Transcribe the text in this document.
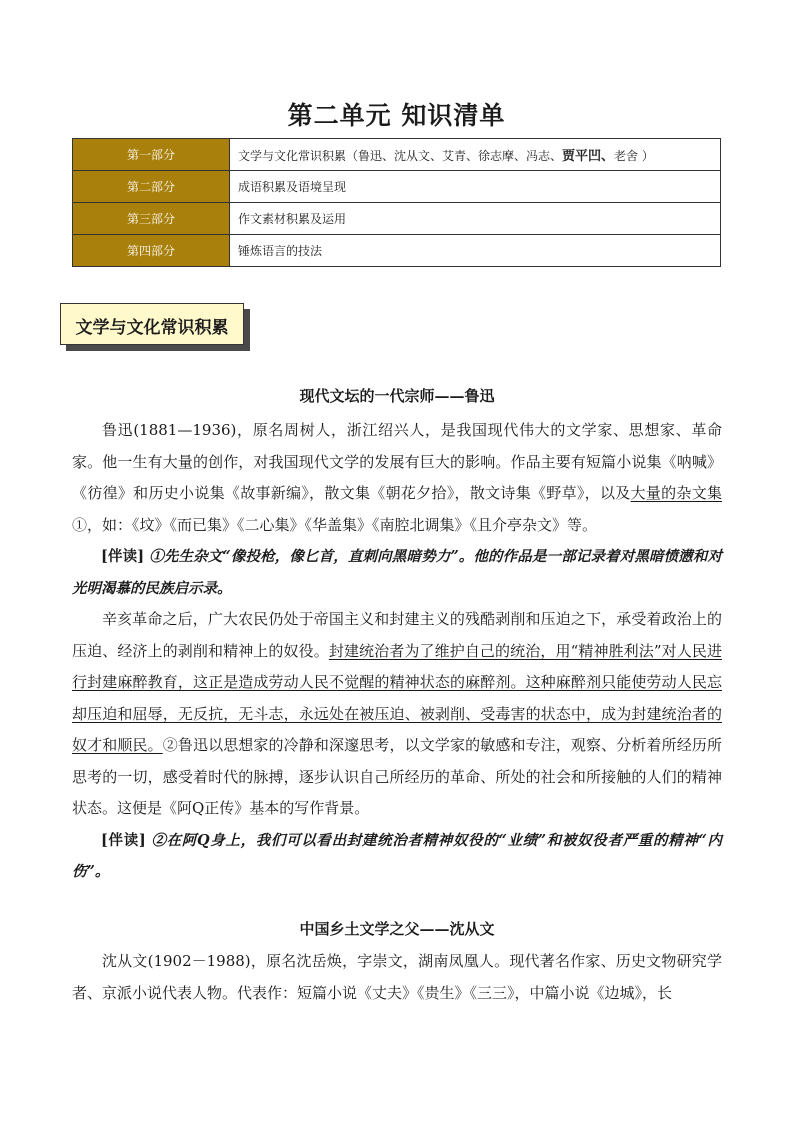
第二单元 知识清单
第一部分	文学与文化常识积累（鲁迅、沈从文、艾青、徐志摩、冯志、贾平凹、老舍 ）
第二部分	成语积累及语境呈现
第三部分	作文素材积累及运用
第四部分	锤炼语言的技法
文学与文化常识积累
现代文坛的一代宗师——鲁迅

鲁迅(1881—1936)，原名周树人，浙江绍兴人，是我国现代伟大的文学家、思想家、革命家。他一生有大量的创作，对我国现代文学的发展有巨大的影响。作品主要有短篇小说集《呐喊》《彷徨》和历史小说集《故事新编》，散文集《朝花夕拾》，散文诗集《野草》，以及大量的杂文集①，如：《坟》《而已集》《二心集》《华盖集》《南腔北调集》《且介亭杂文》等。

[伴读] ①先生杂文“像投枪，像匕首，直刺向黑暗势力”。他的作品是一部记录着对黑暗愤懑和对光明渴慕的民族启示录。

辛亥革命之后，广大农民仍处于帝国主义和封建主义的残酷剥削和压迫之下，承受着政治上的压迫、经济上的剥削和精神上的奴役。封建统治者为了维护自己的统治，用“精神胜利法”对人民进行封建麻醉教育，这正是造成劳动人民不觉醒的精神状态的麻醉剂。这种麻醉剂只能使劳动人民忘却压迫和屈辱，无反抗，无斗志，永远处在被压迫、被剥削、受毒害的状态中，成为封建统治者的奴才和顺民。②鲁迅以思想家的冷静和深邃思考，以文学家的敏感和专注，观察、分析着所经历所思考的一切，感受着时代的脉搏，逐步认识自己所经历的革命、所处的社会和所接触的人们的精神状态。这便是《阿Q正传》基本的写作背景。

[伴读] ②在阿Q身上，我们可以看出封建统治者精神奴役的“业绩”和被奴役者严重的精神“内伤”。

中国乡土文学之父——沈从文

沈从文(1902－1988)，原名沈岳焕，字崇文，湖南凤凰人。现代著名作家、历史文物研究学者、京派小说代表人物。代表作：短篇小说《丈夫》《贵生》《三三》，中篇小说《边城》，长
